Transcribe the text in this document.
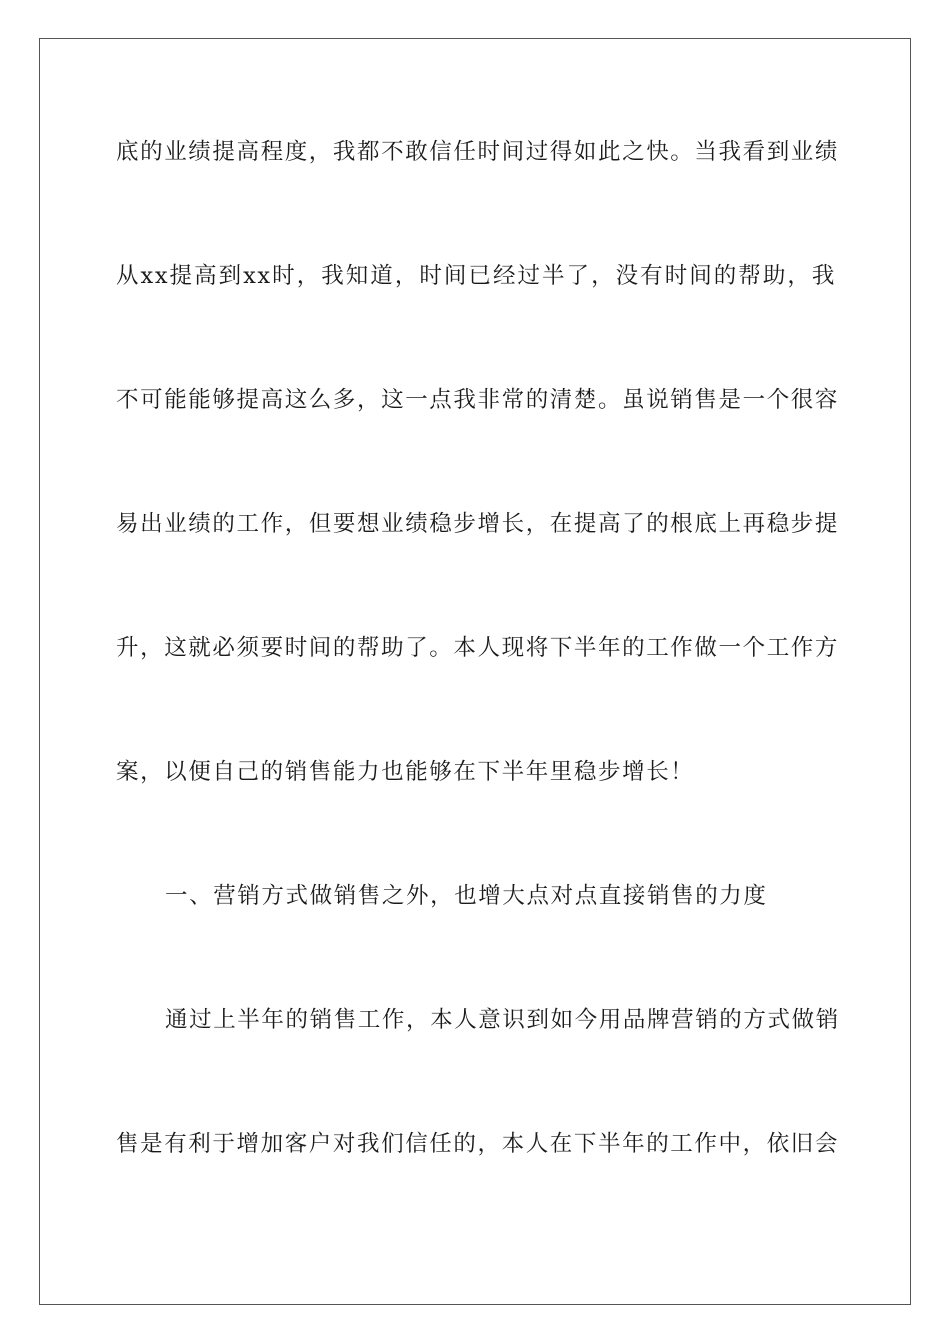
底的业绩提高程度，我都不敢信任时间过得如此之快。当我看到业绩
从xx提高到xx时，我知道，时间已经过半了，没有时间的帮助，我
不可能能够提高这么多，这一点我非常的清楚。虽说销售是一个很容
易出业绩的工作，但要想业绩稳步增长，在提高了的根底上再稳步提
升，这就必须要时间的帮助了。本人现将下半年的工作做一个工作方
案，以便自己的销售能力也能够在下半年里稳步增长！
一、营销方式做销售之外，也增大点对点直接销售的力度
通过上半年的销售工作，本人意识到如今用品牌营销的方式做销
售是有利于增加客户对我们信任的，本人在下半年的工作中，依旧会
